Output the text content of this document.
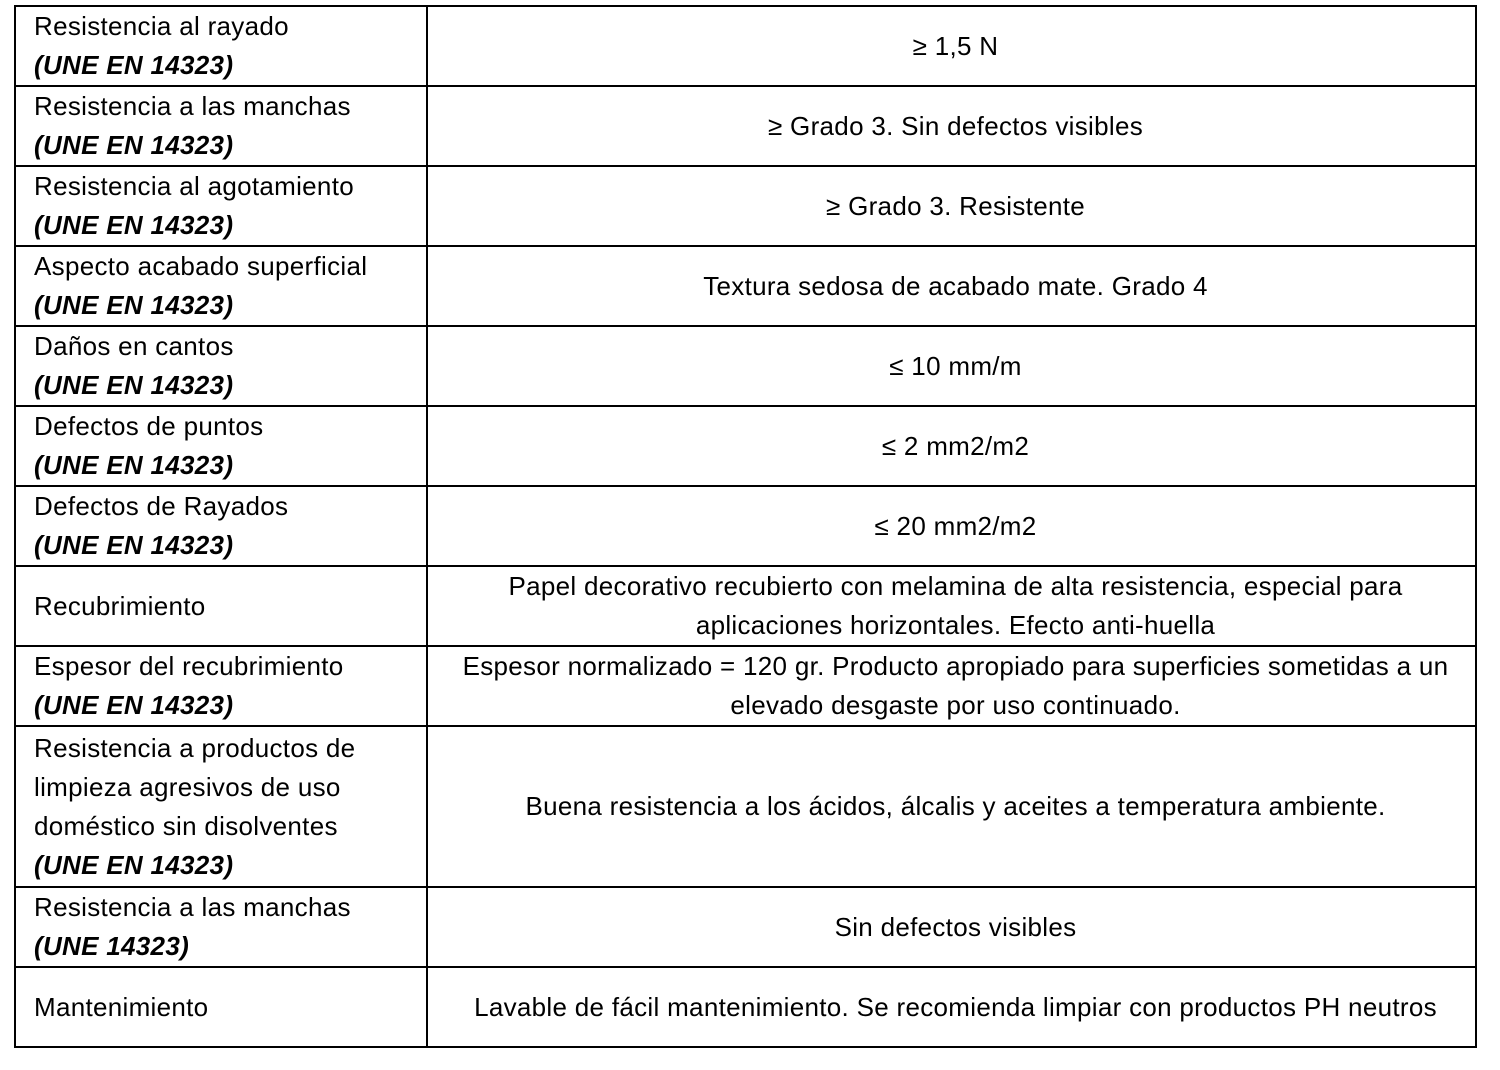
Resistencia al rayado
(UNE EN 14323)	≥ 1,5 N

Resistencia a las manchas
(UNE EN 14323)	≥ Grado 3. Sin defectos visibles

Resistencia al agotamiento
(UNE EN 14323)	≥ Grado 3. Resistente

Aspecto acabado superficial
(UNE EN 14323)	Textura sedosa de acabado mate. Grado 4

Daños en cantos
(UNE EN 14323)	≤ 10 mm/m

Defectos de puntos
(UNE EN 14323)	≤ 2 mm2/m2

Defectos de Rayados
(UNE EN 14323)	≤ 20 mm2/m2

Recubrimiento	Papel decorativo recubierto con melamina de alta resistencia, especial para aplicaciones horizontales. Efecto anti-huella

Espesor del recubrimiento
(UNE EN 14323)	Espesor normalizado = 120 gr. Producto apropiado para superficies sometidas a un elevado desgaste por uso continuado.

Resistencia a productos de limpieza agresivos de uso doméstico sin disolventes
(UNE EN 14323)	Buena resistencia a los ácidos, álcalis y aceites a temperatura ambiente.

Resistencia a las manchas
(UNE 14323)	Sin defectos visibles

Mantenimiento	Lavable de fácil mantenimiento. Se recomienda limpiar con productos PH neutros
